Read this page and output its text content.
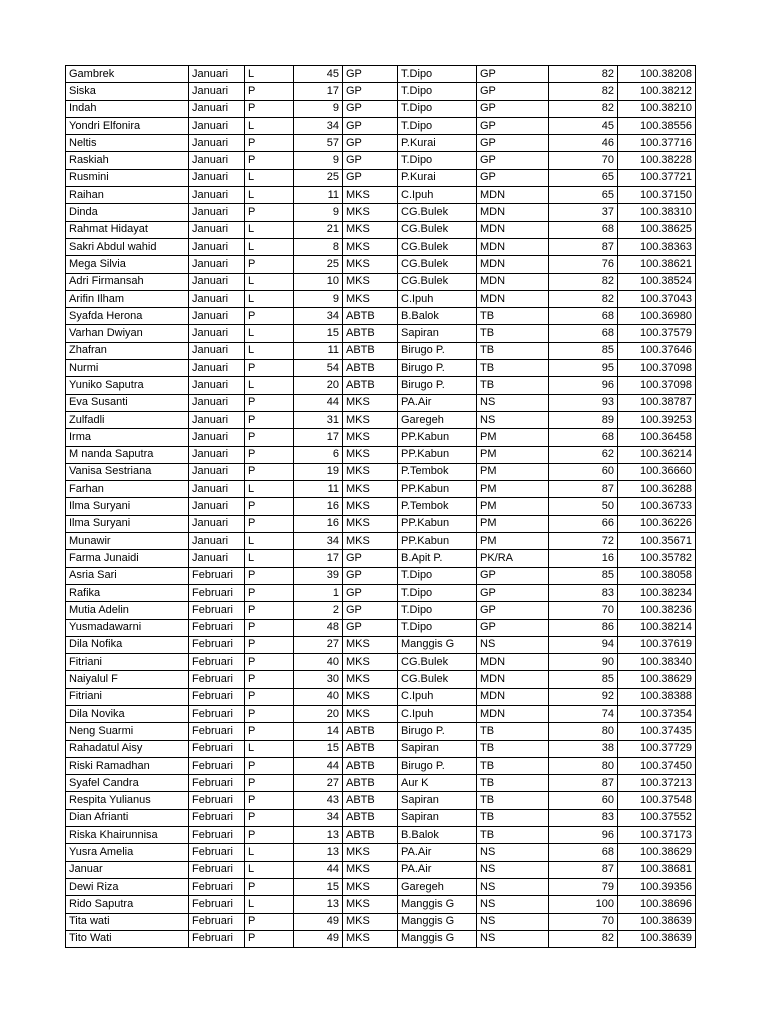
Gambrek	Januari	L	45	GP	T.Dipo	GP	82	100.38208
Siska	Januari	P	17	GP	T.Dipo	GP	82	100.38212
Indah	Januari	P	9	GP	T.Dipo	GP	82	100.38210
Yondri Elfonira	Januari	L	34	GP	T.Dipo	GP	45	100.38556
Neltis	Januari	P	57	GP	P.Kurai	GP	46	100.37716
Raskiah	Januari	P	9	GP	T.Dipo	GP	70	100.38228
Rusmini	Januari	L	25	GP	P.Kurai	GP	65	100.37721
Raihan	Januari	L	11	MKS	C.Ipuh	MDN	65	100.37150
Dinda	Januari	P	9	MKS	CG.Bulek	MDN	37	100.38310
Rahmat Hidayat	Januari	L	21	MKS	CG.Bulek	MDN	68	100.38625
Sakri Abdul wahid	Januari	L	8	MKS	CG.Bulek	MDN	87	100.38363
Mega Silvia	Januari	P	25	MKS	CG.Bulek	MDN	76	100.38621
Adri Firmansah	Januari	L	10	MKS	CG.Bulek	MDN	82	100.38524
Arifin Ilham	Januari	L	9	MKS	C.Ipuh	MDN	82	100.37043
Syafda Herona	Januari	P	34	ABTB	B.Balok	TB	68	100.36980
Varhan Dwiyan	Januari	L	15	ABTB	Sapiran	TB	68	100.37579
Zhafran	Januari	L	11	ABTB	Birugo P.	TB	85	100.37646
Nurmi	Januari	P	54	ABTB	Birugo P.	TB	95	100.37098
Yuniko Saputra	Januari	L	20	ABTB	Birugo P.	TB	96	100.37098
Eva Susanti	Januari	P	44	MKS	PA.Air	NS	93	100.38787
Zulfadli	Januari	P	31	MKS	Garegeh	NS	89	100.39253
Irma	Januari	P	17	MKS	PP.Kabun	PM	68	100.36458
M nanda Saputra	Januari	P	6	MKS	PP.Kabun	PM	62	100.36214
Vanisa Sestriana	Januari	P	19	MKS	P.Tembok	PM	60	100.36660
Farhan	Januari	L	11	MKS	PP.Kabun	PM	87	100.36288
Ilma Suryani	Januari	P	16	MKS	P.Tembok	PM	50	100.36733
Ilma Suryani	Januari	P	16	MKS	PP.Kabun	PM	66	100.36226
Munawir	Januari	L	34	MKS	PP.Kabun	PM	72	100.35671
Farma Junaidi	Januari	L	17	GP	B.Apit P.	PK/RA	16	100.35782
Asria Sari	Februari	P	39	GP	T.Dipo	GP	85	100.38058
Rafika	Februari	P	1	GP	T.Dipo	GP	83	100.38234
Mutia Adelin	Februari	P	2	GP	T.Dipo	GP	70	100.38236
Yusmadawarni	Februari	P	48	GP	T.Dipo	GP	86	100.38214
Dila Nofika	Februari	P	27	MKS	Manggis G	NS	94	100.37619
Fitriani	Februari	P	40	MKS	CG.Bulek	MDN	90	100.38340
Naiyalul F	Februari	P	30	MKS	CG.Bulek	MDN	85	100.38629
Fitriani	Februari	P	40	MKS	C.Ipuh	MDN	92	100.38388
Dila Novika	Februari	P	20	MKS	C.Ipuh	MDN	74	100.37354
Neng Suarmi	Februari	P	14	ABTB	Birugo P.	TB	80	100.37435
Rahadatul Aisy	Februari	L	15	ABTB	Sapiran	TB	38	100.37729
Riski Ramadhan	Februari	P	44	ABTB	Birugo P.	TB	80	100.37450
Syafel Candra	Februari	P	27	ABTB	Aur K	TB	87	100.37213
Respita Yulianus	Februari	P	43	ABTB	Sapiran	TB	60	100.37548
Dian Afrianti	Februari	P	34	ABTB	Sapiran	TB	83	100.37552
Riska Khairunnisa	Februari	P	13	ABTB	B.Balok	TB	96	100.37173
Yusra Amelia	Februari	L	13	MKS	PA.Air	NS	68	100.38629
Januar	Februari	L	44	MKS	PA.Air	NS	87	100.38681
Dewi Riza	Februari	P	15	MKS	Garegeh	NS	79	100.39356
Rido Saputra	Februari	L	13	MKS	Manggis G	NS	100	100.38696
Tita wati	Februari	P	49	MKS	Manggis G	NS	70	100.38639
Tito Wati	Februari	P	49	MKS	Manggis G	NS	82	100.38639
